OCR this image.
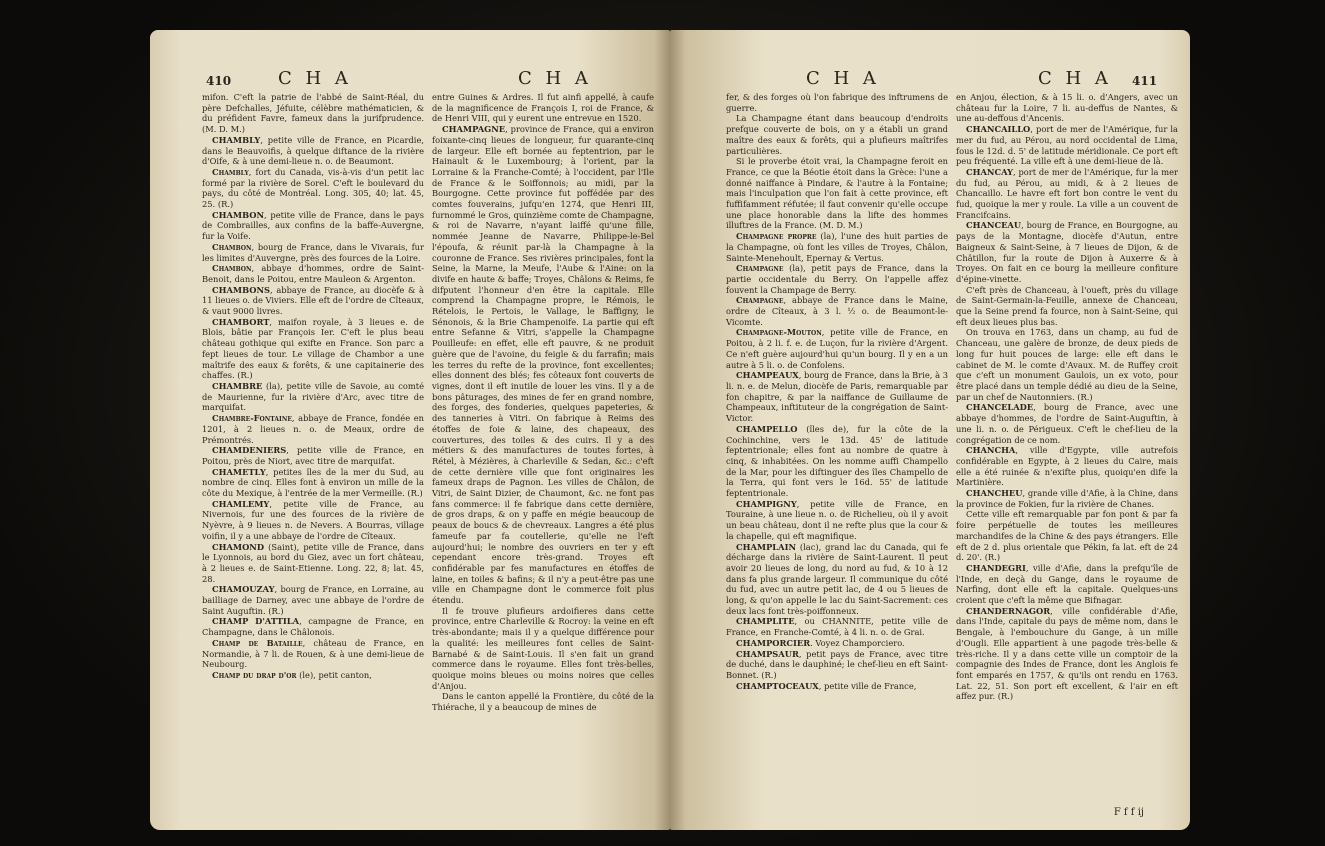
410	C H A	C H A

mifon. C'eft la patrie de l'abbé de Saint-Réal, du père Defchalles, Jéfuite, célèbre mathématicien, & du préfident Favre, fameux dans la jurifprudence. (M. D. M.)

CHAMBLY, petite ville de France, en Picardie, dans le Beauvoifis, à quelque diftance de la rivière d'Oife, & à une demi-lieue n. o. de Beaumont.

Chambly, fort du Canada, vis-à-vis d'un petit lac formé par la rivière de Sorel. C'eft le boulevard du pays, du côté de Montréal. Long. 305, 40; lat. 45, 25. (R.)

CHAMBON, petite ville de France, dans le pays de Combrailles, aux confins de la baffe-Auvergne, fur la Voife.

Chambon, bourg de France, dans le Vivarais, fur les limites d'Auvergne, près des fources de la Loire.

Chambon, abbaye d'hommes, ordre de Saint-Benoit, dans le Poitou, entre Mauleon & Argenton.

CHAMBONS, abbaye de France, au diocèfe & à 11 lieues o. de Viviers. Elle eft de l'ordre de Cîteaux, & vaut 9000 livres.

CHAMBORT, maifon royale, à 3 lieues e. de Blois, bâtie par François Ier. C'eft le plus beau château gothique qui exifte en France. Son parc a fept lieues de tour. Le village de Chambor a une maîtrife des eaux & forêts, & une capitainerie des chaffes. (R.)

CHAMBRE (la), petite ville de Savoie, au comté de Maurienne, fur la rivière d'Arc, avec titre de marquifat.

Chambre-Fontaine, abbaye de France, fondée en 1201, à 2 lieues n. o. de Meaux, ordre de Prémontrés.

CHAMDENIERS, petite ville de France, en Poitou, près de Niort, avec titre de marquifat.

CHAMETLY, petites îles de la mer du Sud, au nombre de cinq. Elles font à environ un mille de la côte du Mexique, à l'entrée de la mer Vermeille. (R.)

CHAMLEMY, petite ville de France, au Nivernois, fur une des fources de la rivière de Nyèvre, à 9 lieues n. de Nevers. A Bourras, village voifin, il y a une abbaye de l'ordre de Cîteaux.

CHAMOND (Saint), petite ville de France, dans le Lyonnois, au bord du Giez, avec un fort château, à 2 lieues e. de Saint-Etienne. Long. 22, 8; lat. 45, 28.

CHAMOUZAY, bourg de France, en Lorraine, au bailliage de Darney, avec une abbaye de l'ordre de Saint Auguftin. (R.)

CHAMP D'ATTILA, campagne de France, en Champagne, dans le Châlonois.

Champ de Bataille, château de France, en Normandie, à 7 li. de Rouen, & à une demi-lieue de Neubourg.

Champ du drap d'or (le), petit canton,

entre Guines & Ardres. Il fut ainfi appellé, à caufe de la magnificence de François I, roi de France, & de Henri VIII, qui y eurent une entrevue en 1520.

CHAMPAGNE, province de France, qui a environ foixante-cinq lieues de longueur, fur quarante-cinq de largeur. Elle eft bornée au feptentrion, par le Hainault & le Luxembourg; à l'orient, par la Lorraine & la Franche-Comté; à l'occident, par l'Ile de France & le Soiffonnois; au midi, par la Bourgogne. Cette province fut poffédée par des comtes fouverains, jufqu'en 1274, que Henri III, furnommé le Gros, quinzième comte de Champagne, & roi de Navarre, n'ayant laiffé qu'une fille, nommée Jeanne de Navarre, Philippe-le-Bel l'époufa, & réunit par-là la Champagne à la couronne de France. Ses rivières principales, font la Seine, la Marne, la Meufe, l'Aube & l'Aine: on la divife en haute & baffe; Troyes, Châlons & Reims, fe difputent l'honneur d'en être la capitale. Elle comprend la Champagne propre, le Rémois, le Rételois, le Pertois, le Vallage, le Baffigny, le Sénonois, & la Brie Champenoife. La partie qui eft entre Sefanne & Vitri, s'appelle la Champagne Pouilleufe: en effet, elle eft pauvre, & ne produit guère que de l'avoine, du feigle & du farrafin; mais les terres du refte de la province, font excellentes; elles donnent des blés; fes côteaux font couverts de vignes, dont il eft inutile de louer les vins. Il y a de bons pâturages, des mines de fer en grand nombre, des forges, des fonderies, quelques papeteries, & des tanneries à Vitri. On fabrique à Reims des étoffes de foie & laine, des chapeaux, des couvertures, des toiles & des cuirs. Il y a des métiers & des manufactures de toutes fortes, à Rétel, à Mézières, à Charleville & Sedan, &c.: c'eft de cette dernière ville que font originaires les fameux draps de Pagnon. Les villes de Châlon, de Vitri, de Saint Dizier, de Chaumont, &c. ne font pas fans commerce: il fe fabrique dans cette dernière, de gros draps, & on y paffe en mégie beaucoup de peaux de boucs & de chevreaux. Langres a été plus fameufe par fa coutellerie, qu'elle ne l'eft aujourd'hui; le nombre des ouvriers en ter y eft cependant encore très-grand. Troyes eft confidérable par fes manufactures en étoffes de laine, en toiles & bafins; & il n'y a peut-être pas une ville en Champagne dont le commerce foit plus étendu.

Il fe trouve plufieurs ardoifieres dans cette province, entre Charleville & Rocroy: la veine en eft très-abondante; mais il y a quelque différence pour la qualité: les meilleures font celles de Saint-Barnabé & de Saint-Louis. Il s'en fait un grand commerce dans le royaume. Elles font très-belles, quoique moins bleues ou moins noires que celles d'Anjou.

Dans le canton appellé la Frontière, du côté de la Thiérache, il y a beaucoup de mines de

C H A	C H A 411

fer, & des forges où l'on fabrique des inftrumens de guerre.

La Champagne étant dans beaucoup d'endroits prefque couverte de bois, on y a établi un grand maître des eaux & forêts, qui a plufieurs maîtrifes particulières.

Si le proverbe étoit vrai, la Champagne feroit en France, ce que la Béotie étoit dans la Grèce: l'une a donné naiffance à Pindare, & l'autre à la Fontaine; mais l'inculpation que l'on fait à cette province, eft fuffifamment réfutée; il faut convenir qu'elle occupe une place honorable dans la lifte des hommes illuftres de la France. (M. D. M.)

Champagne propre (la), l'une des huit parties de la Champagne, où font les villes de Troyes, Châlon, Sainte-Menehoult, Epernay & Vertus.

Champagne (la), petit pays de France, dans la partie occidentale du Berry. On l'appelle affez fouvent la Champage de Berry.

Champagne, abbaye de France dans le Maine, ordre de Cîteaux, à 3 l. ½ o. de Beaumont-le-Vicomte.

Champagne-Mouton, petite ville de France, en Poitou, à 2 li. f. e. de Luçon, fur la rivière d'Argent. Ce n'eft guère aujourd'hui qu'un bourg. Il y en a un autre à 5 li. o. de Confolens.

CHAMPEAUX, bourg de France, dans la Brie, à 3 li. n. e. de Melun, diocèfe de Paris, remarquable par fon chapitre, & par la naiffance de Guillaume de Champeaux, inftituteur de la congrégation de Saint-Victor.

CHAMPELLO (îles de), fur la côte de la Cochinchine, vers le 13d. 45' de latitude feptentrionale; elles font au nombre de quatre à cinq, & inhabitées. On les nomme auffi Champello de la Mar, pour les diftinguer des îles Champello de la Terra, qui font vers le 16d. 55' de latitude feptentrionale.

CHAMPIGNY, petite ville de France, en Touraine, à une lieue n. o. de Richelieu, où il y avoit un beau château, dont il ne refte plus que la cour & la chapelle, qui eft magnifique.

CHAMPLAIN (lac), grand lac du Canada, qui fe décharge dans la rivière de Saint-Laurent. Il peut avoir 20 lieues de long, du nord au fud, & 10 à 12 dans fa plus grande largeur. Il communique du côté du fud, avec un autre petit lac, de 4 ou 5 lieues de long, & qu'on appelle le lac du Saint-Sacrement: ces deux lacs font très-poiffonneux.

CHAMPLITE, ou CHANNITE, petite ville de France, en Franche-Comté, à 4 li. n. o. de Grai.

CHAMPORCIER. Voyez Champorciero.

CHAMPSAUR, petit pays de France, avec titre de duché, dans le dauphiné; le chef-lieu en eft Saint-Bonnet. (R.)

CHAMPTOCEAUX, petite ville de France,

en Anjou, élection, & à 15 li. o. d'Angers, avec un château fur la Loire, 7 li. au-deffus de Nantes, & une au-deffous d'Ancenis.

CHANCAILLO, port de mer de l'Amérique, fur la mer du fud, au Pérou, au nord occidental de Lima, fous le 12d. d. 5' de latitude méridionale. Ce port eft peu fréquenté. La ville eft à une demi-lieue de là.

CHANCAY, port de mer de l'Amérique, fur la mer du fud, au Pérou, au midi, & à 2 lieues de Chancaillo. Le havre eft fort bon contre le vent du fud, quoique la mer y roule. La ville a un couvent de Francifcains.

CHANCEAU, bourg de France, en Bourgogne, au pays de la Montagne, diocèfe d'Autun, entre Baigneux & Saint-Seine, à 7 lieues de Dijon, & de Châtillon, fur la route de Dijon à Auxerre & à Troyes. On fait en ce bourg la meilleure confiture d'épine-vinette.

C'eft près de Chanceau, à l'oueft, près du village de Saint-Germain-la-Feuille, annexe de Chanceau, que la Seine prend fa fource, non à Saint-Seine, qui eft deux lieues plus bas.

On trouva en 1763, dans un champ, au fud de Chanceau, une galère de bronze, de deux pieds de long fur huit pouces de large: elle eft dans le cabinet de M. le comte d'Avaux. M. de Ruffey croit que c'eft un monument Gaulois, un ex voto, pour être placé dans un temple dédié au dieu de la Seine, par un chef de Nautonniers. (R.)

CHANCELADE, bourg de France, avec une abbaye d'hommes, de l'ordre de Saint-Auguftin, à une li. n. o. de Périgueux. C'eft le chef-lieu de la congrégation de ce nom.

CHANCHA, ville d'Egypte, ville autrefois confidérable en Egypte, à 2 lieues du Caire, mais elle a été ruinée & n'exifte plus, quoiqu'en dife la Martinière.

CHANCHEU, grande ville d'Afie, à la Chine, dans la province de Fokien, fur la rivière de Chanes.

Cette ville eft remarquable par fon pont & par fa foire perpétuelle de toutes les meilleures marchandifes de la Chine & des pays étrangers. Elle eft de 2 d. plus orientale que Pékin, fa lat. eft de 24 d. 20'. (R.)

CHANDEGRI, ville d'Afie, dans la prefqu'île de l'Inde, en deçà du Gange, dans le royaume de Narfing, dont elle eft la capitale. Quelques-uns croient que c'eft la même que Bifnagar.

CHANDERNAGOR, ville confidérable d'Afie, dans l'Inde, capitale du pays de même nom, dans le Bengale, à l'embouchure du Gange, à un mille d'Ougli. Elle appartient à une pagode très-belle & très-riche. Il y a dans cette ville un comptoir de la compagnie des Indes de France, dont les Anglois fe font emparés en 1757, & qu'ils ont rendu en 1763. Lat. 22, 51. Son port eft excellent, & l'air en eft affez pur. (R.)

F f f ij
